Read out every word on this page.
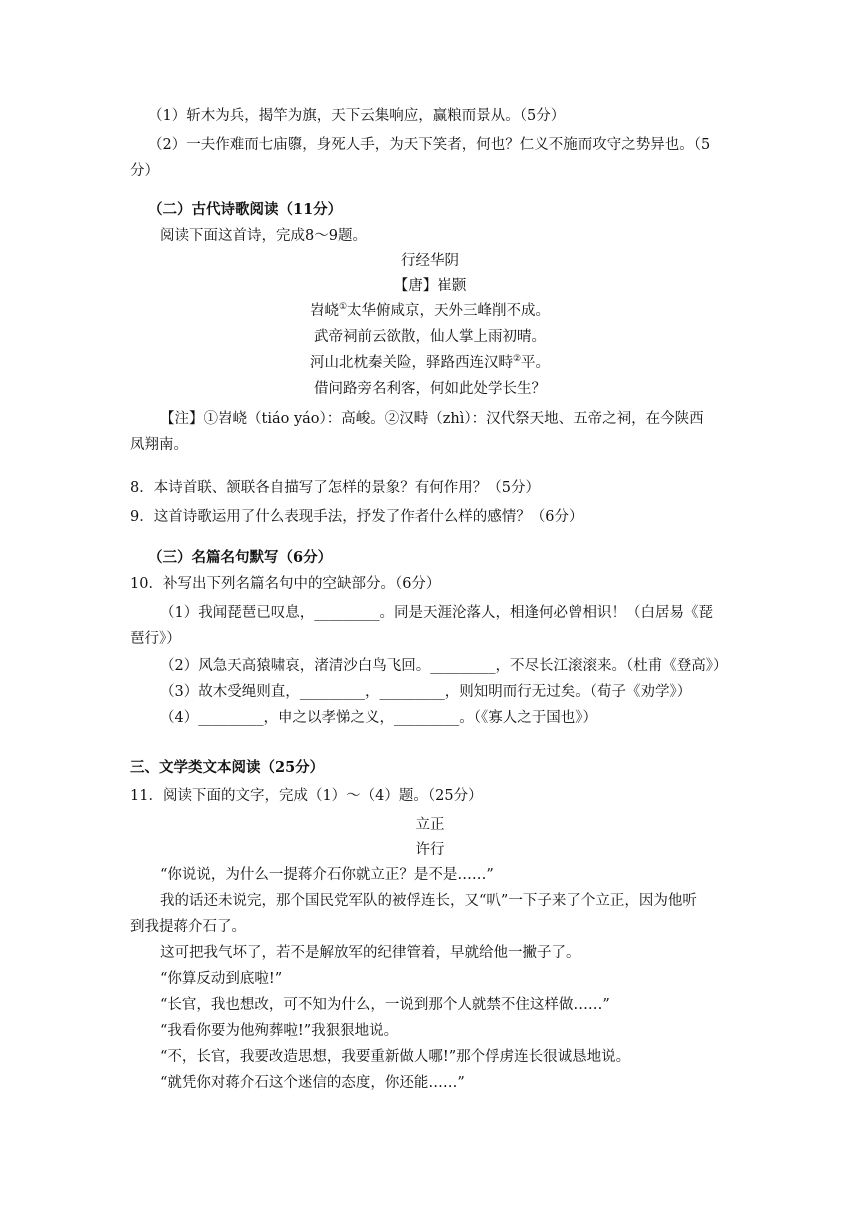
（1）斩木为兵，揭竿为旗，天下云集响应，赢粮而景从。（5分）
（2）一夫作难而七庙隳，身死人手，为天下笑者，何也？仁义不施而攻守之势异也。（5
分）
（二）古代诗歌阅读（11分）
阅读下面这首诗，完成8～9题。
行经华阴
【唐】崔颢
岧峣①太华俯咸京，天外三峰削不成。
武帝祠前云欲散，仙人掌上雨初晴。
河山北枕秦关险，驿路西连汉畤②平。
借问路旁名利客，何如此处学长生？
【注】①岧峣（tiáo yáo）：高峻。②汉畤（zhì）：汉代祭天地、五帝之祠，在今陕西
凤翔南。
8．本诗首联、颔联各自描写了怎样的景象？有何作用？（5分）
9．这首诗歌运用了什么表现手法，抒发了作者什么样的感情？（6分）
（三）名篇名句默写（6分）
10．补写出下列名篇名句中的空缺部分。（6分）
（1）我闻琵琶已叹息，_________。同是天涯沦落人，相逢何必曾相识！（白居易《琵
琶行》）
（2）风急天高猿啸哀，渚清沙白鸟飞回。_________，不尽长江滚滚来。（杜甫《登高》）
（3）故木受绳则直，_________，_________，则知明而行无过矣。（荀子《劝学》）
（4）_________，申之以孝悌之义，_________。（《寡人之于国也》）
三、文学类文本阅读（25分）
11．阅读下面的文字，完成（1）～（4）题。（25分）
立正
许行
“你说说，为什么一提蒋介石你就立正？是不是……”
我的话还未说完，那个国民党军队的被俘连长，又“叭”一下子来了个立正，因为他听
到我提蒋介石了。
这可把我气坏了，若不是解放军的纪律管着，早就给他一撇子了。
“你算反动到底啦!”
“长官，我也想改，可不知为什么，一说到那个人就禁不住这样做……”
“我看你要为他殉葬啦!”我狠狠地说。
“不，长官，我要改造思想，我要重新做人哪!”那个俘虏连长很诚恳地说。
“就凭你对蒋介石这个迷信的态度，你还能……”
